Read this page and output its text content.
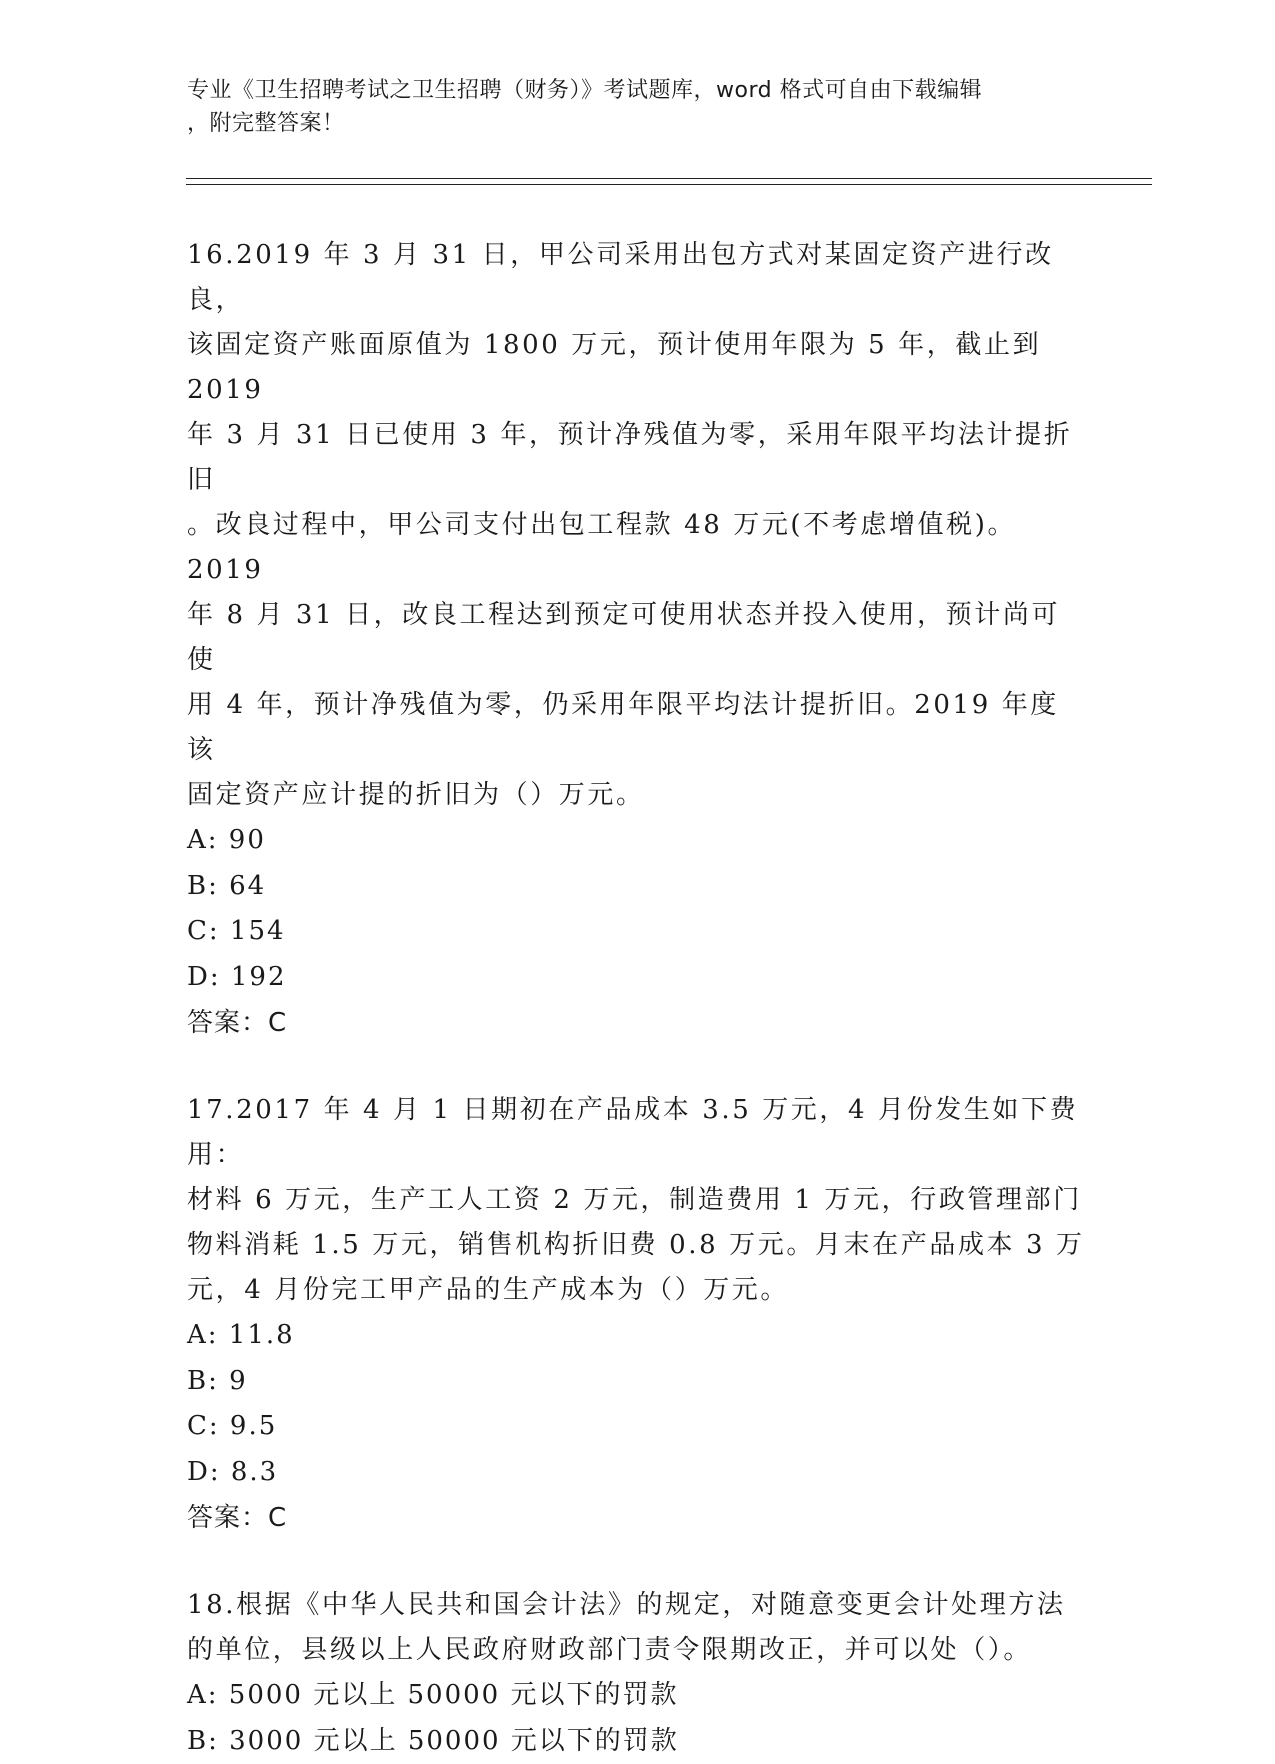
专业《卫生招聘考试之卫生招聘（财务）》考试题库，word 格式可自由下载编辑
，附完整答案！
16.2019 年 3 月 31 日，甲公司采用出包方式对某固定资产进行改良，
该固定资产账面原值为 1800 万元，预计使用年限为 5 年，截止到 2019
年 3 月 31 日已使用 3 年，预计净残值为零，采用年限平均法计提折旧
。改良过程中，甲公司支付出包工程款 48 万元(不考虑增值税)。2019
年 8 月 31 日，改良工程达到预定可使用状态并投入使用，预计尚可使
用 4 年，预计净残值为零，仍采用年限平均法计提折旧。2019 年度该
固定资产应计提的折旧为（）万元。
A: 90
B: 64
C: 154
D: 192
答案：C
17.2017 年 4 月 1 日期初在产品成本 3.5 万元，4 月份发生如下费用：
材料 6 万元，生产工人工资 2 万元，制造费用 1 万元，行政管理部门
物料消耗 1.5 万元，销售机构折旧费 0.8 万元。月末在产品成本 3 万
元，4 月份完工甲产品的生产成本为（）万元。
A: 11.8
B: 9
C: 9.5
D: 8.3
答案：C
18.根据《中华人民共和国会计法》的规定，对随意变更会计处理方法
的单位，县级以上人民政府财政部门责令限期改正，并可以处（）。
A: 5000 元以上 50000 元以下的罚款
B: 3000 元以上 50000 元以下的罚款
